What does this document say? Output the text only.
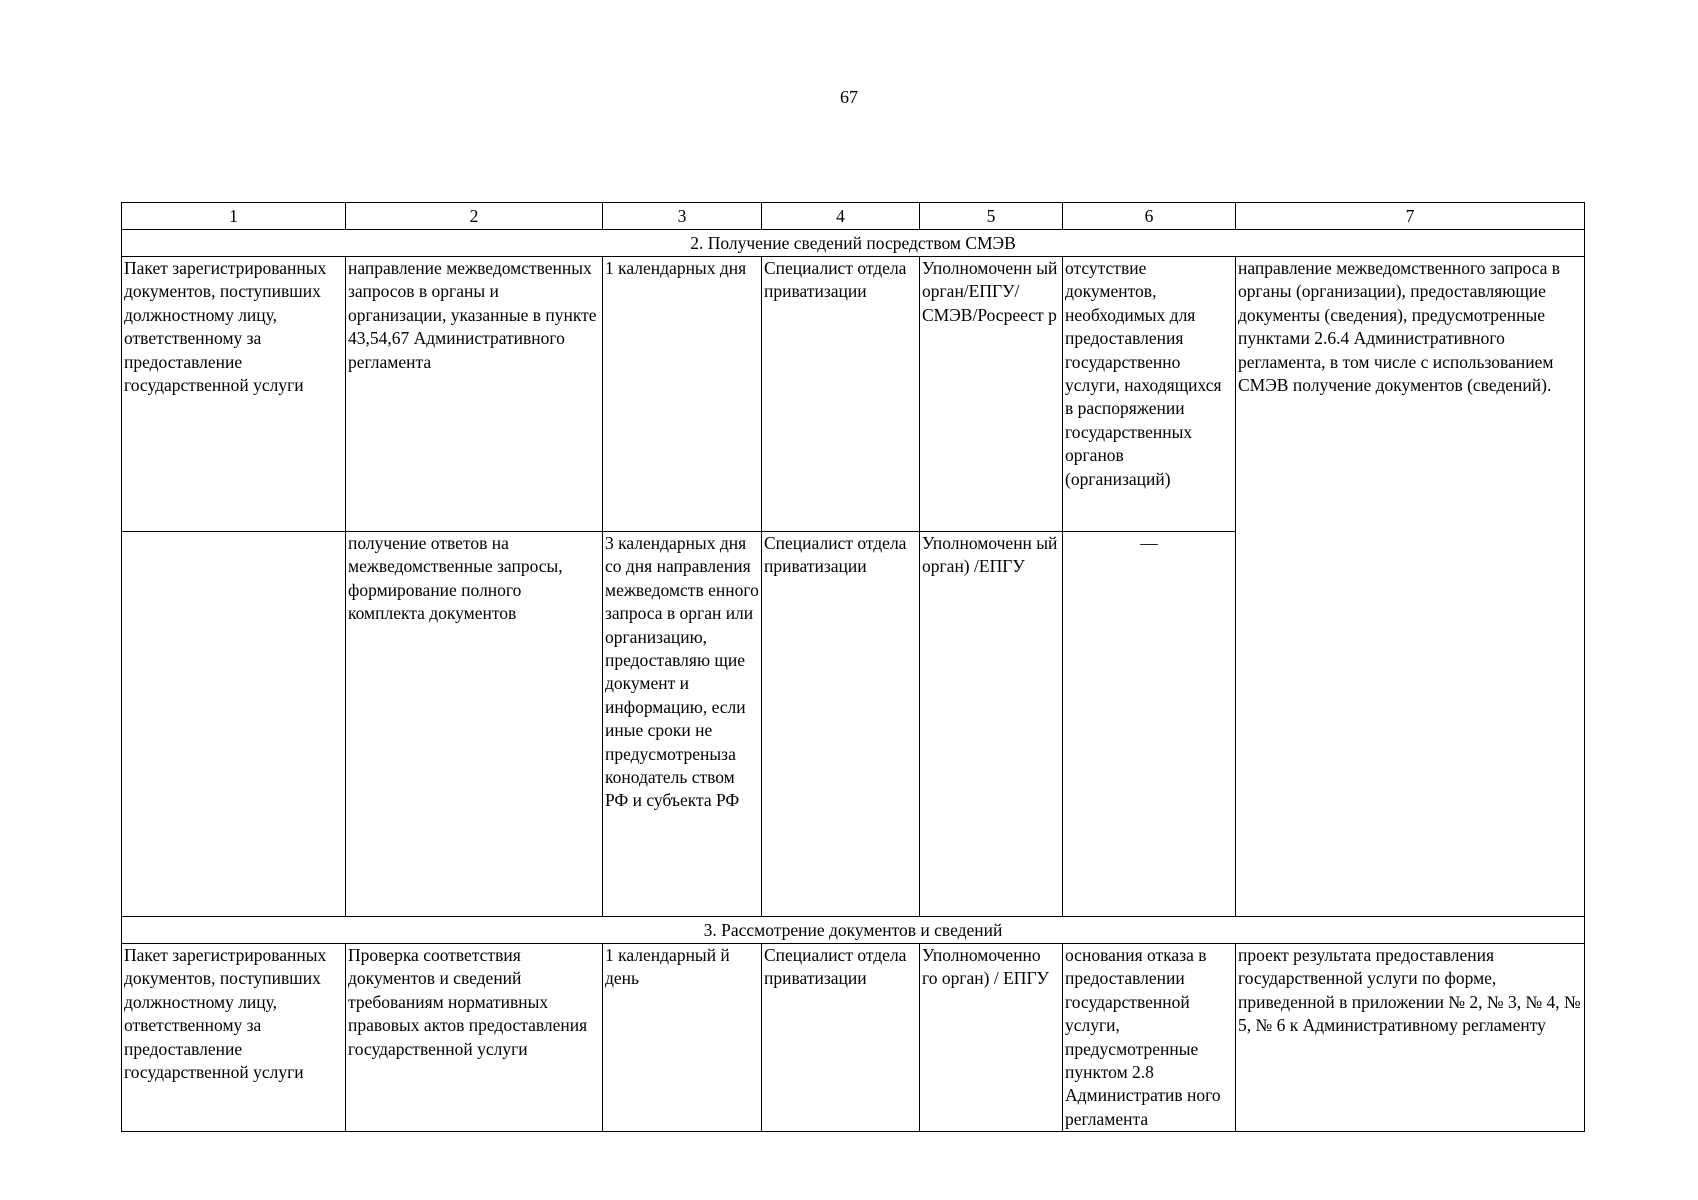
67
1	2	3	4	5	6	7
2. Получение сведений посредством СМЭВ						
Пакет зарегистрированных документов, поступивших должностному лицу, ответственному за предоставление государственной услуги	направление межведомственных запросов в органы и организации, указанные в пункте 43,54,67 Административного регламента	1 календарных дня	Специалист отдела приватизации	Уполномоченн ый орган/ЕПГУ/ СМЭВ/Росреест р	отсутствие документов, необходимых для предоставления государственно услуги, находящихся в распоряжении государственных органов (организаций)	направление межведомственного запроса в органы (организации), предоставляющие документы (сведения), предусмотренные пунктами 2.6.4 Административного регламента, в том числе с использованием СМЭВ получение документов (сведений).
	получение ответов на межведомственные запросы, формирование полного комплекта документов	3 календарных дня со дня направления межведомств енного запроса в орган или организацию, предоставляю щие документ и информацию, если иные сроки не предусмотреныза конодатель ством РФ и субъекта РФ	Специалист отдела приватизации	Уполномоченн ый орган) /ЕПГУ	—	
3. Рассмотрение документов и сведений						
Пакет зарегистрированных документов, поступивших должностному лицу, ответственному за предоставление государственной услуги	Проверка соответствия документов и сведений требованиям нормативных правовых актов предоставления государственной услуги	1 календарный й день	Специалист отдела приватизации	Уполномоченно го орган) / ЕПГУ	основания отказа в предоставлении государственной услуги, предусмотренные пунктом 2.8 Административ ного регламента	проект результата предоставления государственной услуги по форме, приведенной в приложении № 2, № 3, № 4, № 5, № 6 к Административному регламенту
